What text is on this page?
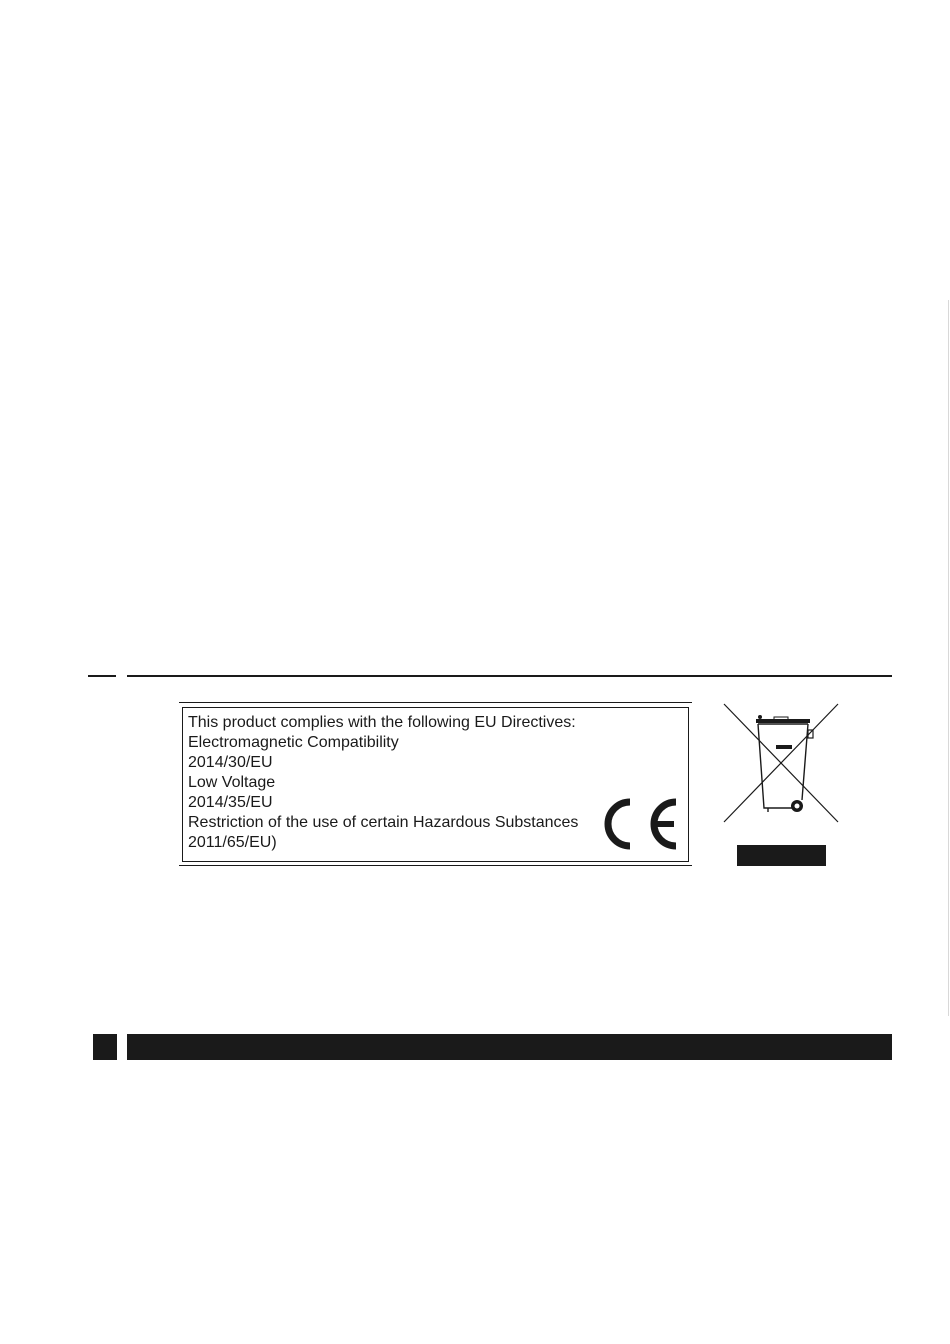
This product complies with the following EU Directives:
Electromagnetic Compatibility
2014/30/EU
Low Voltage
2014/35/EU
Restriction of the use of certain Hazardous Substances
2011/65/EU)
